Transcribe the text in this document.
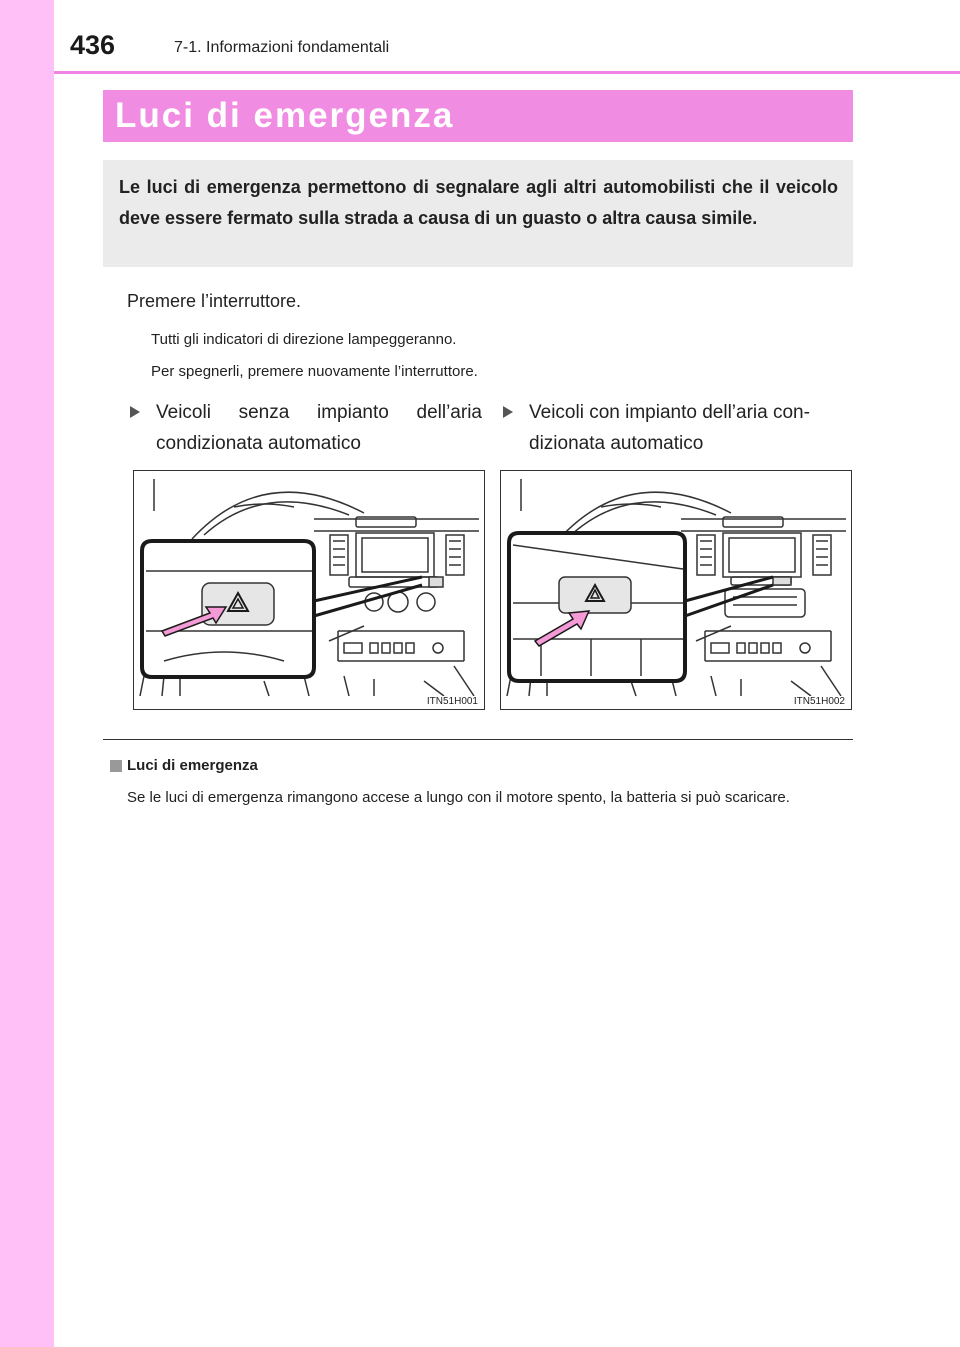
436	7-1. Informazioni fondamentali
Luci di emergenza
Le luci di emergenza permettono di segnalare agli altri automobilisti che il veicolo deve essere fermato sulla strada a causa di un guasto o altra causa simile.
Premere l’interruttore.
Tutti gli indicatori di direzione lampeggeranno.
Per spegnerli, premere nuovamente l’interruttore.
Veicoli senza impianto dell’aria condizionata automatico
Veicoli con impianto dell’aria con-dizionata automatico
ITN51H001	ITN51H002
Luci di emergenza
Se le luci di emergenza rimangono accese a lungo con il motore spento, la batteria si può scaricare.
